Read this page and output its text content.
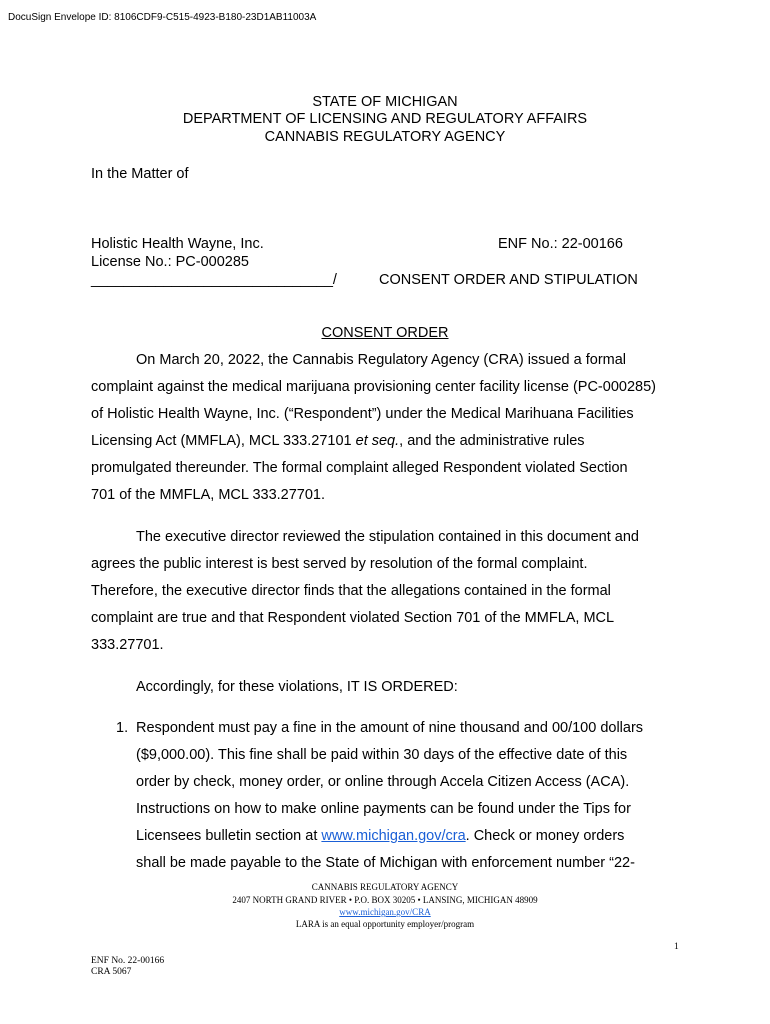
DocuSign Envelope ID: 8106CDF9-C515-4923-B180-23D1AB11003A
STATE OF MICHIGAN
DEPARTMENT OF LICENSING AND REGULATORY AFFAIRS
CANNABIS REGULATORY AGENCY
In the Matter of
Holistic Health Wayne, Inc.	ENF No.: 22-00166
License No.: PC-000285
______________________________/	CONSENT ORDER AND STIPULATION
CONSENT ORDER
On March 20, 2022, the Cannabis Regulatory Agency (CRA) issued a formal
complaint against the medical marijuana provisioning center facility license (PC-000285)
of Holistic Health Wayne, Inc. (“Respondent”) under the Medical Marihuana Facilities
Licensing Act (MMFLA), MCL 333.27101 et seq., and the administrative rules
promulgated thereunder. The formal complaint alleged Respondent violated Section
701 of the MMFLA, MCL 333.27701.
The executive director reviewed the stipulation contained in this document and
agrees the public interest is best served by resolution of the formal complaint.
Therefore, the executive director finds that the allegations contained in the formal
complaint are true and that Respondent violated Section 701 of the MMFLA, MCL
333.27701.
Accordingly, for these violations, IT IS ORDERED:
1. Respondent must pay a fine in the amount of nine thousand and 00/100 dollars
($9,000.00). This fine shall be paid within 30 days of the effective date of this
order by check, money order, or online through Accela Citizen Access (ACA).
Instructions on how to make online payments can be found under the Tips for
Licensees bulletin section at www.michigan.gov/cra. Check or money orders
shall be made payable to the State of Michigan with enforcement number “22-
CANNABIS REGULATORY AGENCY
2407 NORTH GRAND RIVER • P.O. BOX 30205 • LANSING, MICHIGAN 48909
www.michigan.gov/CRA
LARA is an equal opportunity employer/program
1
ENF No. 22-00166
CRA 5067
